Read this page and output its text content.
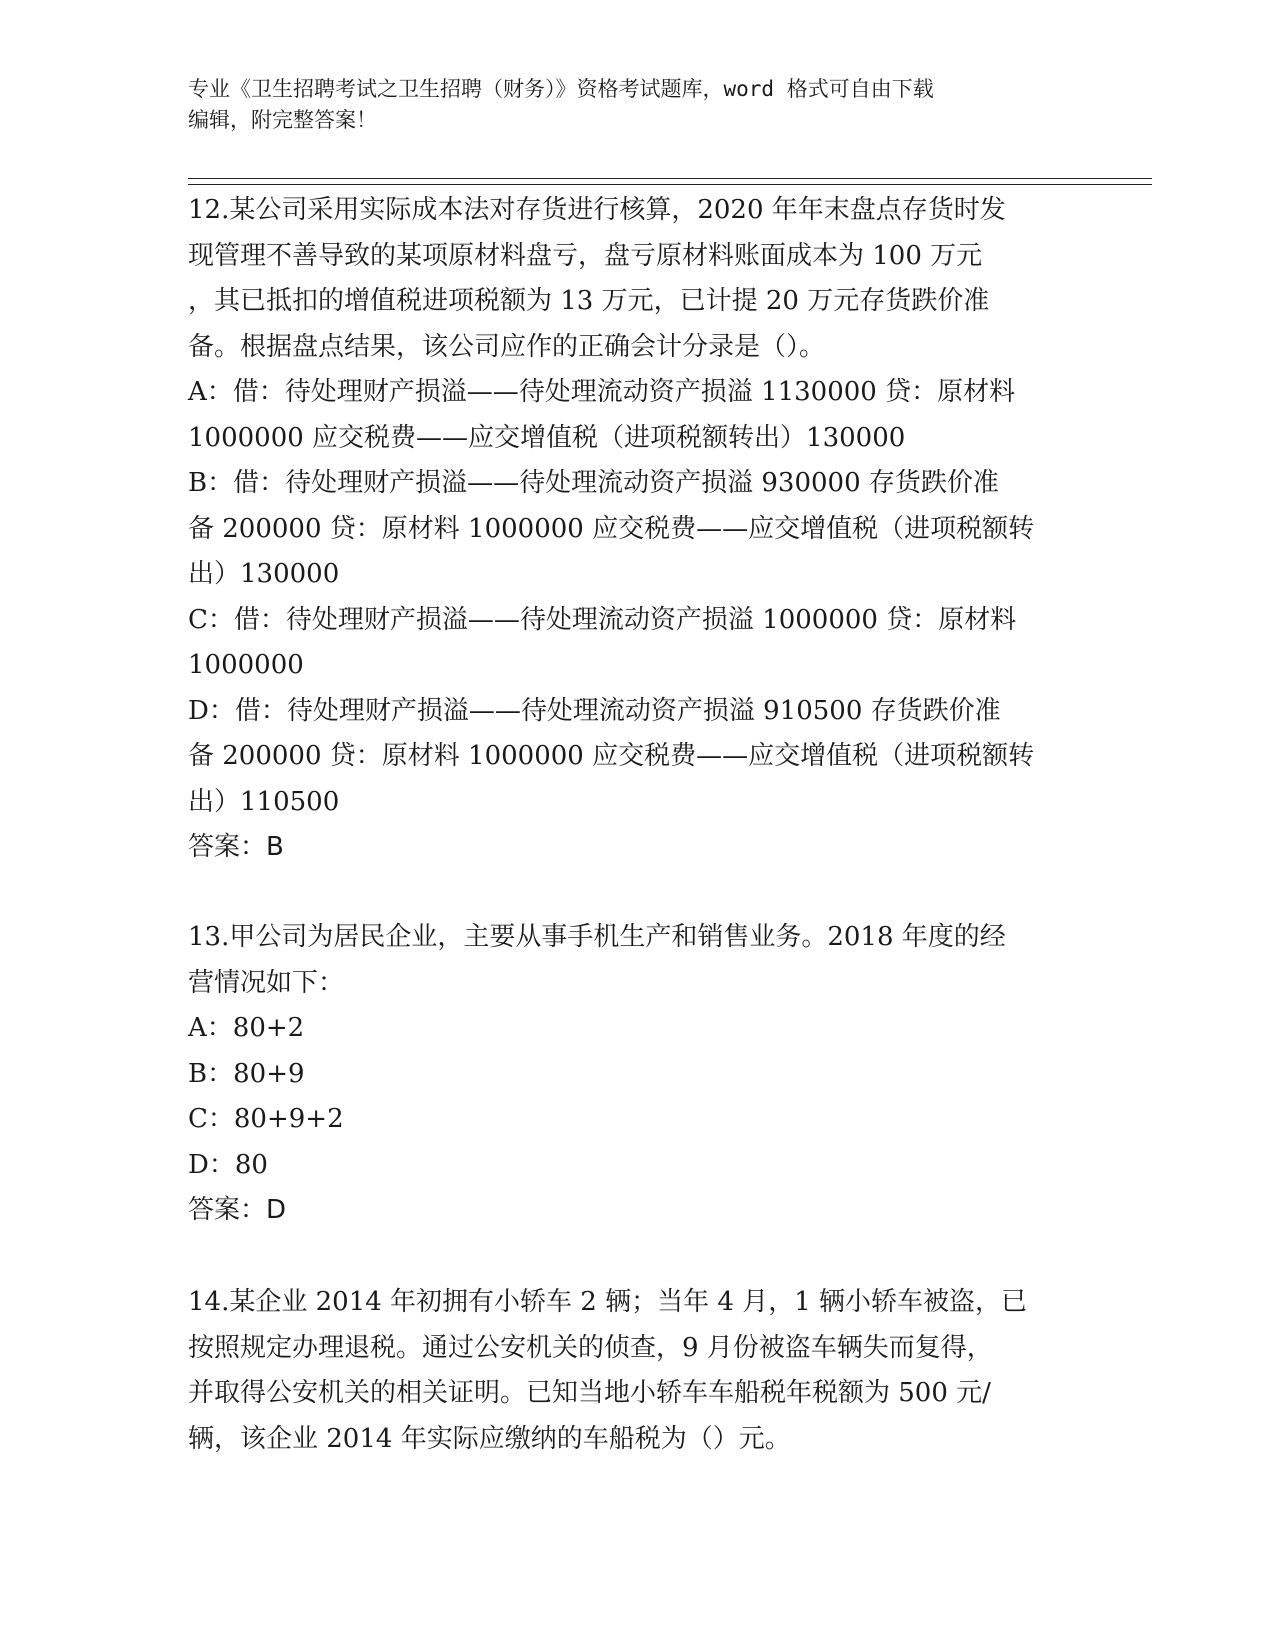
专业《卫生招聘考试之卫生招聘（财务）》资格考试题库，word 格式可自由下载

编辑，附完整答案！

12.某公司采用实际成本法对存货进行核算，2020 年年末盘点存货时发

现管理不善导致的某项原材料盘亏，盘亏原材料账面成本为 100 万元

，其已抵扣的增值税进项税额为 13 万元，已计提 20 万元存货跌价准

备。根据盘点结果，该公司应作的正确会计分录是（）。

A：借：待处理财产损溢——待处理流动资产损溢 1130000 贷：原材料

1000000 应交税费——应交增值税（进项税额转出）130000

B：借：待处理财产损溢——待处理流动资产损溢 930000 存货跌价准

备 200000 贷：原材料 1000000 应交税费——应交增值税（进项税额转

出）130000

C：借：待处理财产损溢——待处理流动资产损溢 1000000 贷：原材料

1000000

D：借：待处理财产损溢——待处理流动资产损溢 910500 存货跌价准

备 200000 贷：原材料 1000000 应交税费——应交增值税（进项税额转

出）110500

答案：B

13.甲公司为居民企业，主要从事手机生产和销售业务。2018 年度的经

营情况如下：

A：80+2

B：80+9

C：80+9+2

D：80

答案：D

14.某企业 2014 年初拥有小轿车 2 辆；当年 4 月，1 辆小轿车被盗，已

按照规定办理退税。通过公安机关的侦查，9 月份被盗车辆失而复得，

并取得公安机关的相关证明。已知当地小轿车车船税年税额为 500 元/

辆，该企业 2014 年实际应缴纳的车船税为（）元。
